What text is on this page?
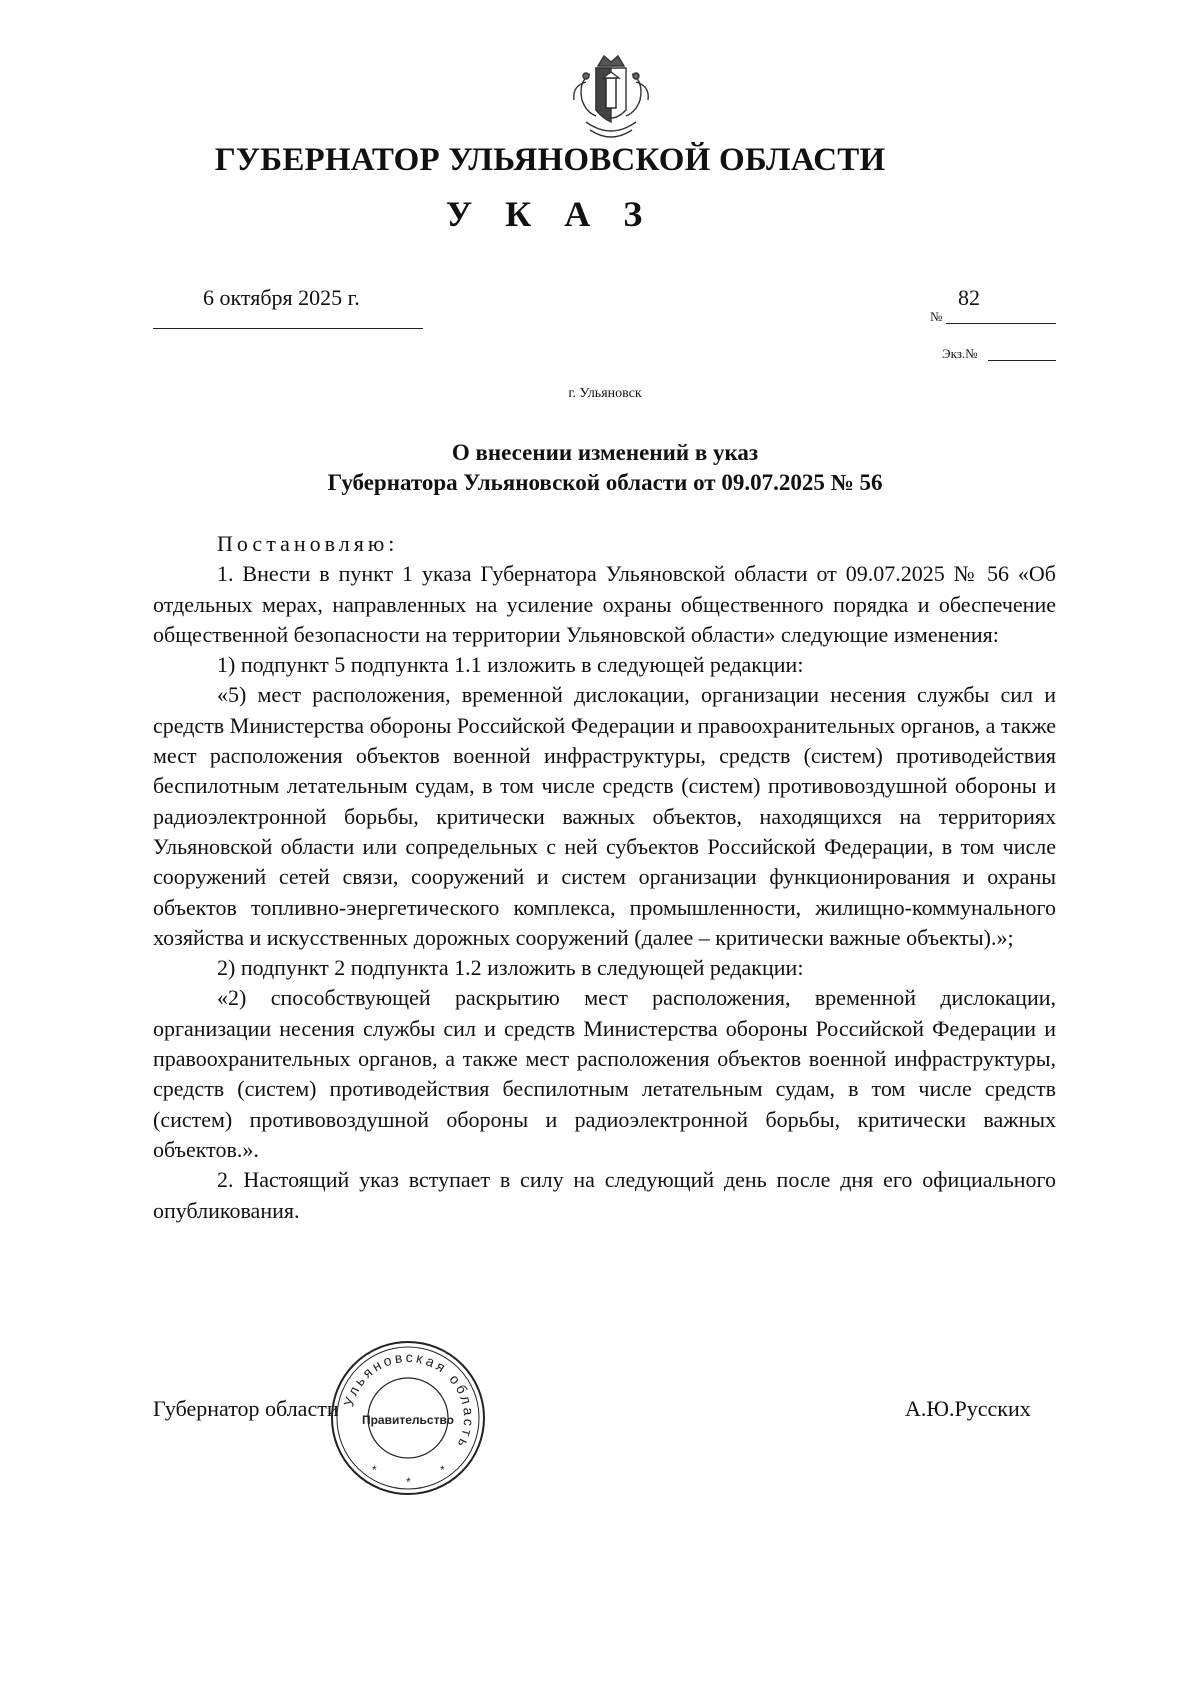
ГУБЕРНАТОР УЛЬЯНОВСКОЙ ОБЛАСТИ
У К А З
6 октября 2025 г.
№
82
Экз.№
г. Ульяновск
О внесении изменений в указ
Губернатора Ульяновской области от 09.07.2025 № 56

Постановляю:

1. Внести в пункт 1 указа Губернатора Ульяновской области от 09.07.2025 № 56 «Об отдельных мерах, направленных на усиление охраны общественного порядка и обеспечение общественной безопасности на территории Ульяновской области» следующие изменения:

1) подпункт 5 подпункта 1.1 изложить в следующей редакции:

«5) мест расположения, временной дислокации, организации несения службы сил и средств Министерства обороны Российской Федерации и правоохранительных органов, а также мест расположения объектов военной инфраструктуры, средств (систем) противодействия беспилотным летательным судам, в том числе средств (систем) противовоздушной обороны и радиоэлектронной борьбы, критически важных объектов, находящихся на территориях Ульяновской области или сопредельных с ней субъектов Российской Федерации, в том числе сооружений сетей связи, сооружений и систем организации функционирования и охраны объектов топливно-энергетического комплекса, промышленности, жилищно-коммунального хозяйства и искусственных дорожных сооружений (далее – критически важные объекты).»;

2) подпункт 2 подпункта 1.2 изложить в следующей редакции:

«2) способствующей раскрытию мест расположения, временной дислокации, организации несения службы сил и средств Министерства обороны Российской Федерации и правоохранительных органов, а также мест расположения объектов военной инфраструктуры, средств (систем) противодействия беспилотным летательным судам, в том числе средств (систем) противовоздушной обороны и радиоэлектронной борьбы, критически важных объектов.».

2. Настоящий указ вступает в силу на следующий день после дня его официального опубликования.

Губернатор области	А.Ю.Русских
Ульяновская область
Правительство
*
*
*
